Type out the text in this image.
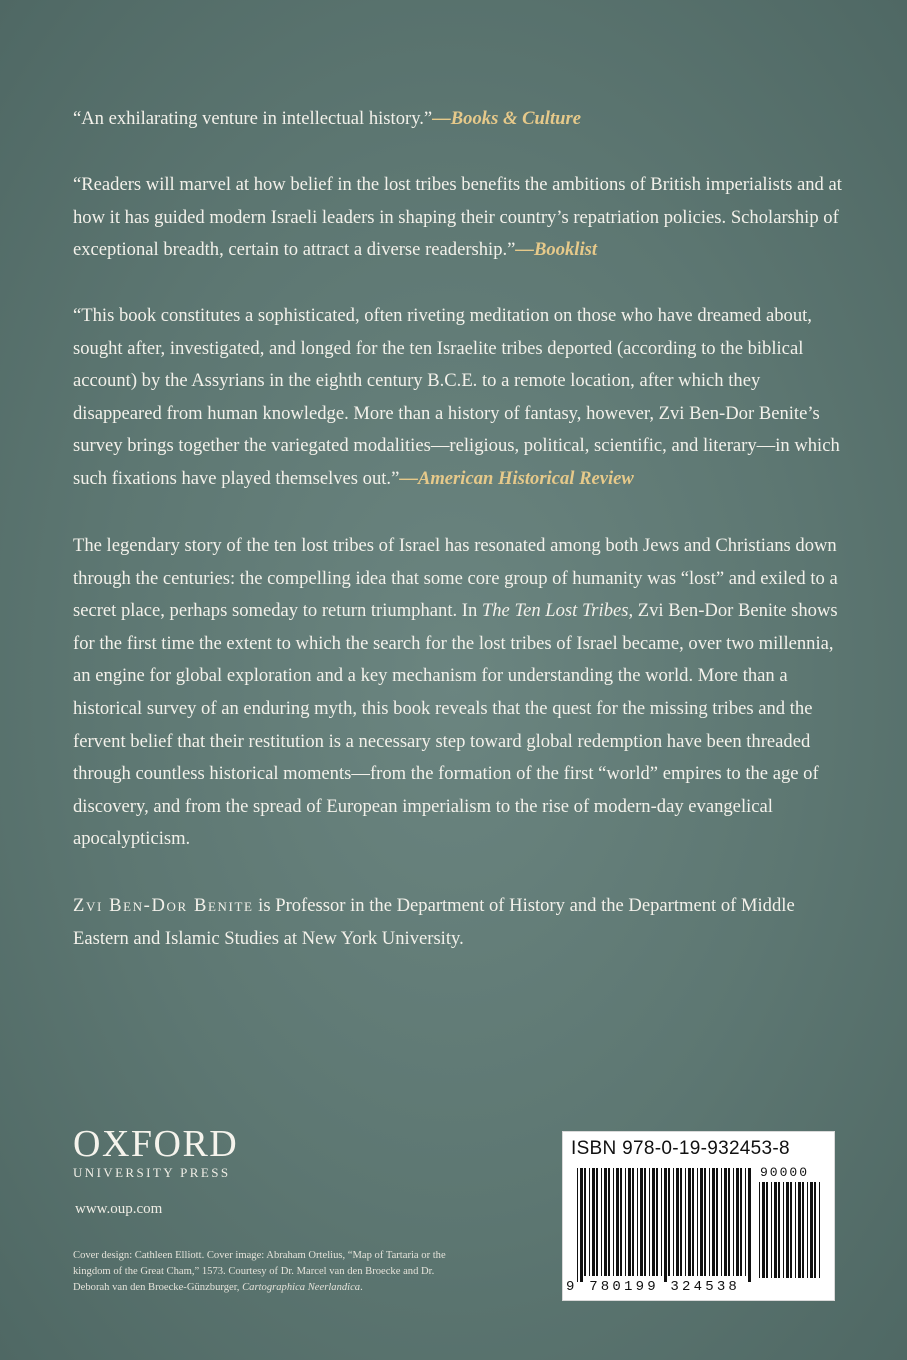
“An exhilarating venture in intellectual history.”—Books & Culture

“Readers will marvel at how belief in the lost tribes benefits the ambitions of British imperialists and at how it has guided modern Israeli leaders in shaping their country’s repatriation policies. Scholarship of exceptional breadth, certain to attract a diverse readership.”—Booklist

“This book constitutes a sophisticated, often riveting meditation on those who have dreamed about, sought after, investigated, and longed for the ten Israelite tribes deported (according to the biblical account) by the Assyrians in the eighth century B.C.E. to a remote location, after which they disappeared from human knowledge. More than a history of fantasy, however, Zvi Ben-Dor Benite’s survey brings together the variegated modalities—religious, political, scientific, and literary—in which such fixations have played themselves out.”—American Historical Review

The legendary story of the ten lost tribes of Israel has resonated among both Jews and Christians down through the centuries: the compelling idea that some core group of humanity was “lost” and exiled to a secret place, perhaps someday to return triumphant. In The Ten Lost Tribes, Zvi Ben-Dor Benite shows for the first time the extent to which the search for the lost tribes of Israel became, over two millennia, an engine for global exploration and a key mechanism for understanding the world. More than a historical survey of an enduring myth, this book reveals that the quest for the missing tribes and the fervent belief that their restitution is a necessary step toward global redemption have been threaded through countless historical moments—from the formation of the first “world” empires to the age of discovery, and from the spread of European imperialism to the rise of modern-day evangelical apocalypticism.

Zvi Ben-Dor Benite is Professor in the Department of History and the Department of Middle Eastern and Islamic Studies at New York University.

OXFORD
UNIVERSITY PRESS
www.oup.com
Cover design: Cathleen Elliott. Cover image: Abraham Ortelius, “Map of Tartaria or the kingdom of the Great Cham,” 1573. Courtesy of Dr. Marcel van den Broecke and Dr. Deborah van den Broecke-Günzburger, Cartographica Neerlandica.
ISBN 978-0-19-932453-8
90000
9 780199 324538
